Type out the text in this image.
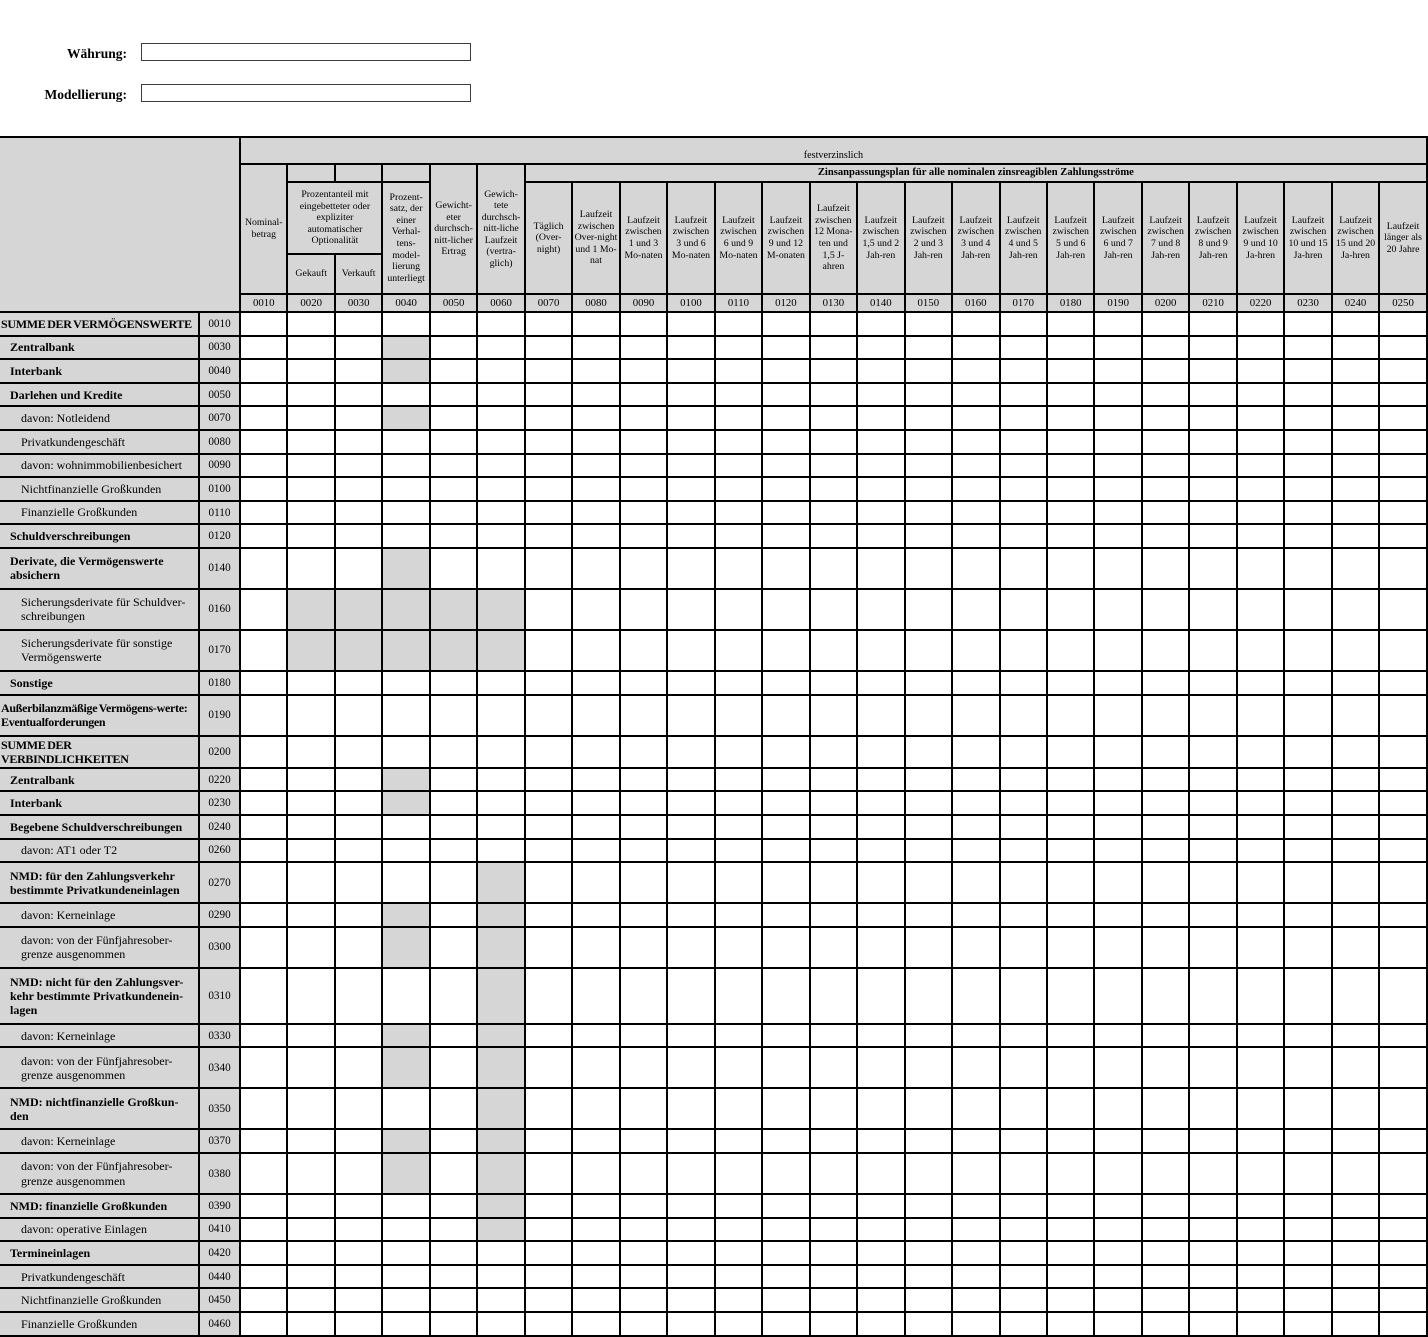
Währung:
Modellierung:
		festverzinslich																								
		Nominal-betrag				Gewicht-eter durchsch-nitt-licher Ertrag	Gewich-tete durchsch-nitt-liche Laufzeit (vertra-glich)	Zinsanpassungsplan für alle nominalen zinsreagiblen Zahlungsströme																		
			Prozentanteil mit eingebetteter oder expliziter automatischer Optionalität		Prozent-satz, der einer Verhal-tens-model-lierung unterliegt			Täglich (Over-night)	Laufzeit zwischen Over-night und 1 Mo-nat	Laufzeit zwischen 1 und 3 Mo-naten	Laufzeit zwischen 3 und 6 Mo-naten	Laufzeit zwischen 6 und 9 Mo-naten	Laufzeit zwischen 9 und 12 M-onaten	Laufzeit zwischen 12 Mona-ten und 1,5 J-ahren	Laufzeit zwischen 1,5 und 2 Jah-ren	Laufzeit zwischen 2 und 3 Jah-ren	Laufzeit zwischen 3 und 4 Jah-ren	Laufzeit zwischen 4 und 5 Jah-ren	Laufzeit zwischen 5 und 6 Jah-ren	Laufzeit zwischen 6 und 7 Jah-ren	Laufzeit zwischen 7 und 8 Jah-ren	Laufzeit zwischen 8 und 9 Jah-ren	Laufzeit zwischen 9 und 10 Ja-hren	Laufzeit zwischen 10 und 15 Ja-hren	Laufzeit zwischen 15 und 20 Ja-hren	Laufzeit länger als 20 Jahre
			Gekauft	Verkauft																						
		0010	0020	0030	0040	0050	0060	0070	0080	0090	0100	0110	0120	0130	0140	0150	0160	0170	0180	0190	0200	0210	0220	0230	0240	0250
SUMME DER VERMÖGENSWERTE	0010																									
Zentralbank	0030																									
Interbank	0040																									
Darlehen und Kredite	0050																									
davon: Notleidend	0070																									
Privatkundengeschäft	0080																									
davon: wohnimmobilienbesichert	0090																									
Nichtfinanzielle Großkunden	0100																									
Finanzielle Großkunden	0110																									
Schuldverschreibungen	0120																									
Derivate, die Vermögenswerte absichern	0140																									
Sicherungsderivate für Schuldver-schreibungen	0160																									
Sicherungsderivate für sonstige Vermögenswerte	0170																									
Sonstige	0180																									
Außerbilanzmäßige Vermögens-werte: Eventualforderungen	0190																									
SUMME DER VERBINDLICHKEITEN	0200																									
Zentralbank	0220																									
Interbank	0230																									
Begebene Schuldverschreibungen	0240																									
davon: AT1 oder T2	0260																									
NMD: für den Zahlungsverkehr bestimmte Privatkundeneinlagen	0270																									
davon: Kerneinlage	0290																									
davon: von der Fünfjahresober-grenze ausgenommen	0300																									
NMD: nicht für den Zahlungsver-kehr bestimmte Privatkundenein-lagen	0310																									
davon: Kerneinlage	0330																									
davon: von der Fünfjahresober-grenze ausgenommen	0340																									
NMD: nichtfinanzielle Großkun-den	0350																									
davon: Kerneinlage	0370																									
davon: von der Fünfjahresober-grenze ausgenommen	0380																									
NMD: finanzielle Großkunden	0390																									
davon: operative Einlagen	0410																									
Termineinlagen	0420																									
Privatkundengeschäft	0440																									
Nichtfinanzielle Großkunden	0450																									
Finanzielle Großkunden	0460																									
